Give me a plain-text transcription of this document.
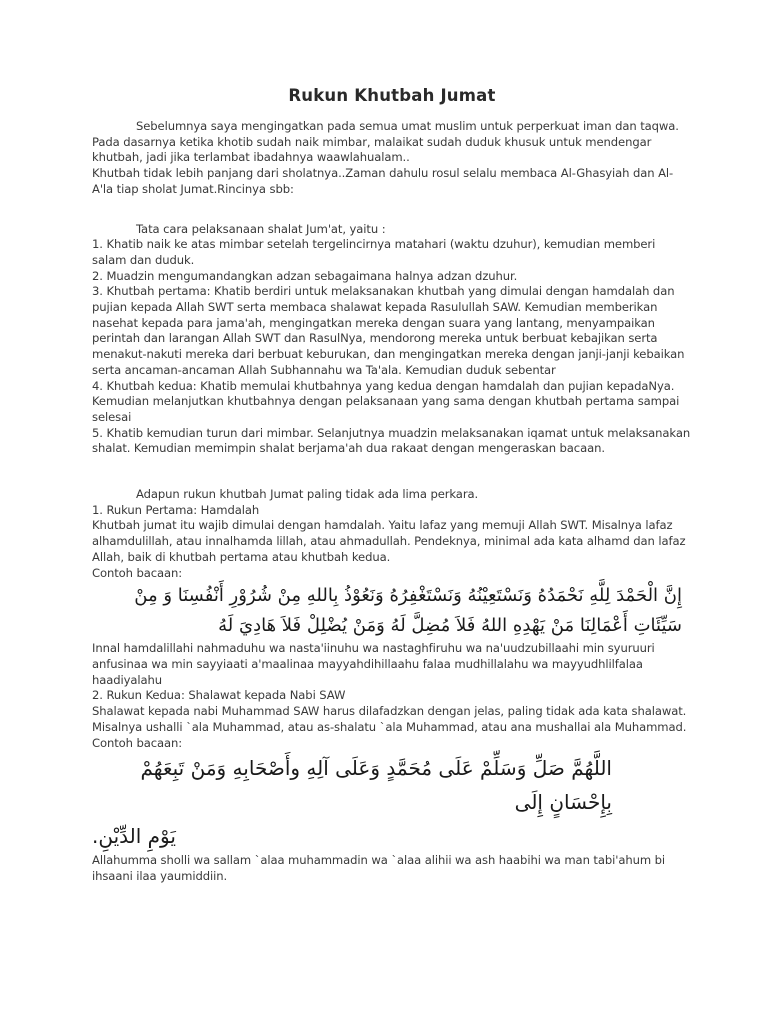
Rukun Khutbah Jumat

Sebelumnya saya mengingatkan pada semua umat muslim untuk perperkuat iman dan taqwa. Pada dasarnya ketika khotib sudah naik mimbar, malaikat sudah duduk khusuk untuk mendengar khutbah, jadi jika terlambat ibadahnya waawlahualam..

Khutbah tidak lebih panjang dari sholatnya..Zaman dahulu rosul selalu membaca Al-Ghasyiah dan Al-A'la tiap sholat Jumat.Rincinya sbb:

Tata cara pelaksanaan shalat Jum'at, yaitu :

1. Khatib naik ke atas mimbar setelah tergelincirnya matahari (waktu dzuhur), kemudian memberi salam dan duduk.

2. Muadzin mengumandangkan adzan sebagaimana halnya adzan dzuhur.

3. Khutbah pertama: Khatib berdiri untuk melaksanakan khutbah yang dimulai dengan hamdalah dan pujian kepada Allah SWT serta membaca shalawat kepada Rasulullah SAW. Kemudian memberikan nasehat kepada para jama'ah, mengingatkan mereka dengan suara yang lantang, menyampaikan perintah dan larangan Allah SWT dan RasulNya, mendorong mereka untuk berbuat kebajikan serta menakut-nakuti mereka dari berbuat keburukan, dan mengingatkan mereka dengan janji-janji kebaikan serta ancaman-ancaman Allah Subhannahu wa Ta'ala. Kemudian duduk sebentar

4. Khutbah kedua: Khatib memulai khutbahnya yang kedua dengan hamdalah dan pujian kepadaNya. Kemudian melanjutkan khutbahnya dengan pelaksanaan yang sama dengan khutbah pertama sampai selesai

5. Khatib kemudian turun dari mimbar. Selanjutnya muadzin melaksanakan iqamat untuk melaksanakan shalat. Kemudian memimpin shalat berjama'ah dua rakaat dengan mengeraskan bacaan.

Adapun rukun khutbah Jumat paling tidak ada lima perkara.

1. Rukun Pertama: Hamdalah

Khutbah jumat itu wajib dimulai dengan hamdalah. Yaitu lafaz yang memuji Allah SWT. Misalnya lafaz alhamdulillah, atau innalhamda lillah, atau ahmadullah. Pendeknya, minimal ada kata alhamd dan lafaz Allah, baik di khutbah pertama atau khutbah kedua.

Contoh bacaan:

إِنَّ الْحَمْدَ لِلَّهِ نَحْمَدُهُ وَنَسْتَعِيْنُهُ وَنَسْتَغْفِرُهُ وَنَعُوْذُ بِاللهِ مِنْ شُرُوْرِ أَنْفُسِنَا وَ مِنْ

سَيِّئَاتِ أَعْمَالِنَا مَنْ يَهْدِهِ اللهُ فَلاَ مُضِلَّ لَهُ وَمَنْ يُضْلِلْ فَلاَ هَادِيَ لَهُ

Innal hamdalillahi nahmaduhu wa nasta'iinuhu wa nastaghfiruhu wa na'uudzubillaahi min syuruuri anfusinaa wa min sayyiaati a'maalinaa mayyahdihillaahu falaa mudhillalahu wa mayyudhlilfalaa haadiyalahu

2. Rukun Kedua: Shalawat kepada Nabi SAW

Shalawat kepada nabi Muhammad SAW harus dilafadzkan dengan jelas, paling tidak ada kata shalawat. Misalnya ushalli `ala Muhammad, atau as-shalatu `ala Muhammad, atau ana mushallai ala Muhammad.

Contoh bacaan:

اللَّهُمَّ صَلِّ وَسَلِّمْ عَلَى مُحَمَّدٍ وَعَلَى آلِهِ وأَصْحَابِهِ وَمَنْ تَبِعَهُمْ بِإِحْسَانٍ إِلَى

يَوْمِ الدِّيْنِ.

Allahumma sholli wa sallam `alaa muhammadin wa `alaa alihii wa ash haabihi wa man tabi'ahum bi ihsaani ilaa yaumiddiin.
